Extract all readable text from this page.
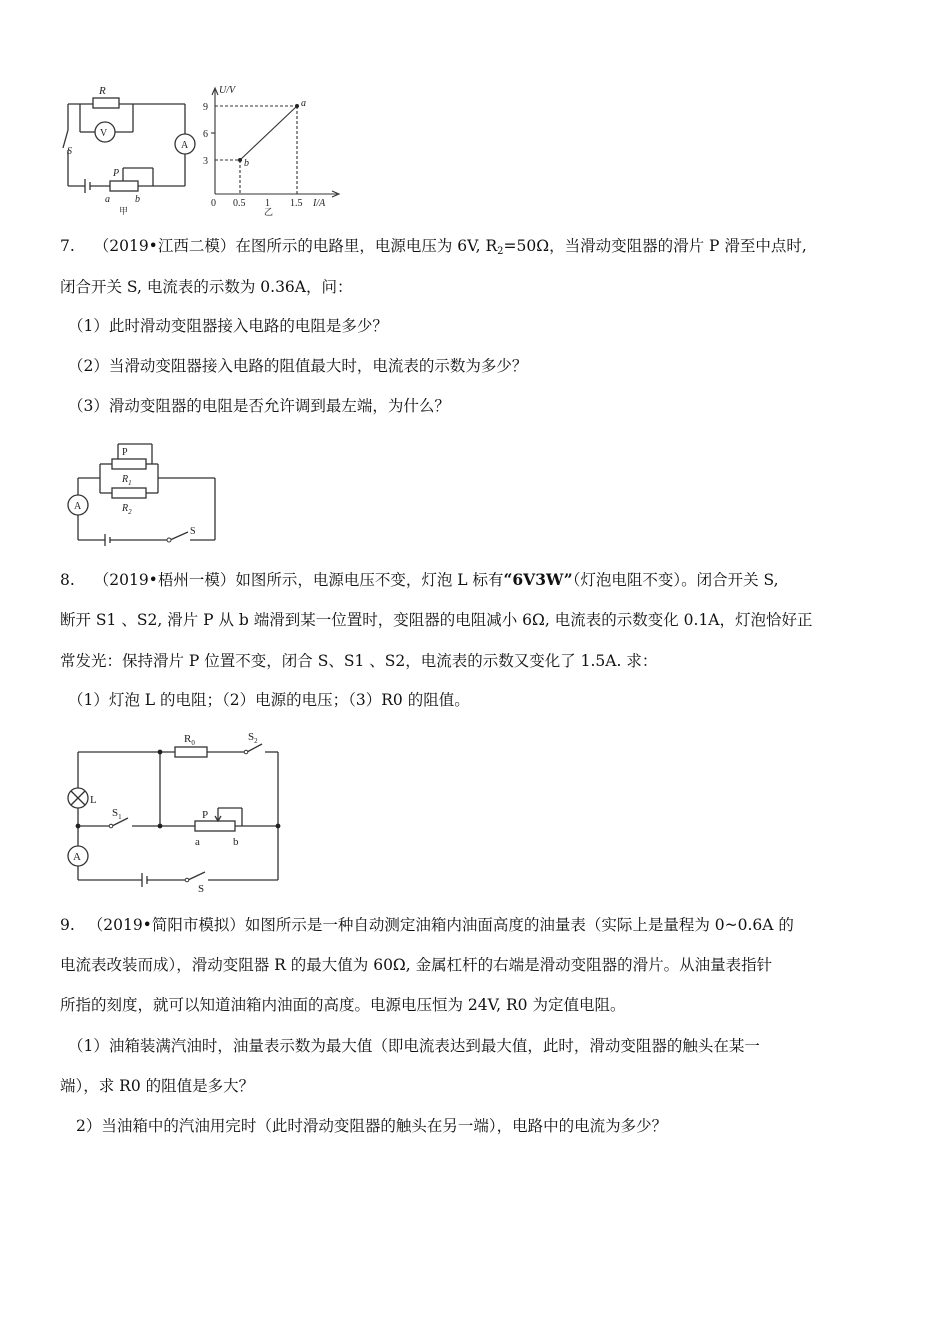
R
V
A
S
P
a	b
甲
U/V
9
6
3
0 0.5 1 1.5 I/A
a
b
乙
7. （2019•江西二模）在图所示的电路里，电源电压为 6V, $R_2=50\Omega$，当滑动变阻器的滑片 P 滑至中点时,
闭合开关 S, 电流表的示数为 0.36A，问：
（1）此时滑动变阻器接入电路的电阻是多少？
（2）当滑动变阻器接入电路的阻值最大时，电流表的示数为多少？
（3）滑动变阻器的电阻是否允许调到最左端，为什么？
P
$R_1$
$R_2$
A
S
8. （2019•梧州一模）如图所示，电源电压不变，灯泡 L 标有“6V3W”（灯泡电阻不变）。闭合开关 S,
断开 S1 、S2, 滑片 P 从 b 端滑到某一位置时，变阻器的电阻减小 6Ω, 电流表的示数变化 0.1A，灯泡恰好正
常发光：保持滑片 P 位置不变，闭合 S、S1 、S2，电流表的示数又变化了 1.5A. 求：
（1）灯泡 L 的电阻；（2）电源的电压；（3）R0 的阻值。
$R_0$	$S_2$
L
$S_1$	P
a	b
A
S
9. （2019•简阳市模拟）如图所示是一种自动测定油箱内油面高度的油量表（实际上是量程为 0~0.6A 的
电流表改装而成），滑动变阻器 R 的最大值为 60Ω, 金属杠杆的右端是滑动变阻器的滑片。从油量表指针
所指的刻度，就可以知道油箱内油面的高度。电源电压恒为 24V, R0 为定值电阻。
（1）油箱装满汽油时，油量表示数为最大值（即电流表达到最大值，此时，滑动变阻器的触头在某一
端），求 R0 的阻值是多大？
2）当油箱中的汽油用完时（此时滑动变阻器的触头在另一端），电路中的电流为多少？
